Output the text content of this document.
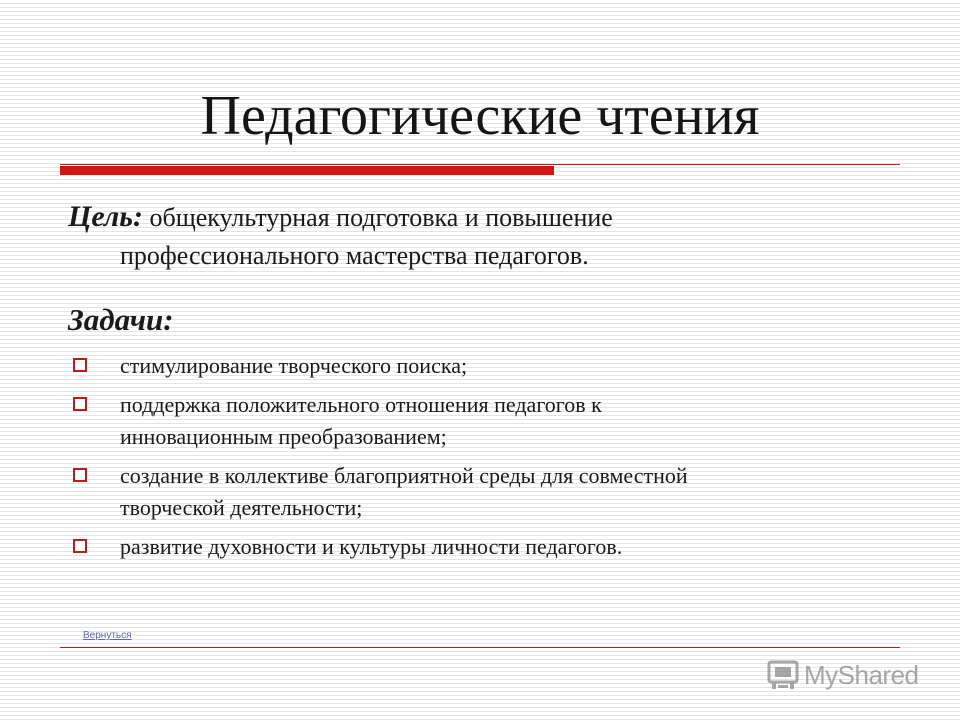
Педагогические чтения
Цель: общекультурная подготовка и повышение
профессионального мастерства педагогов.
Задачи:
стимулирование творческого поиска;
поддержка положительного отношения педагогов к
инновационным преобразованием;
создание в коллективе благоприятной среды для совместной
творческой деятельности;
развитие духовности и культуры личности педагогов.
Вернуться
MyShared
